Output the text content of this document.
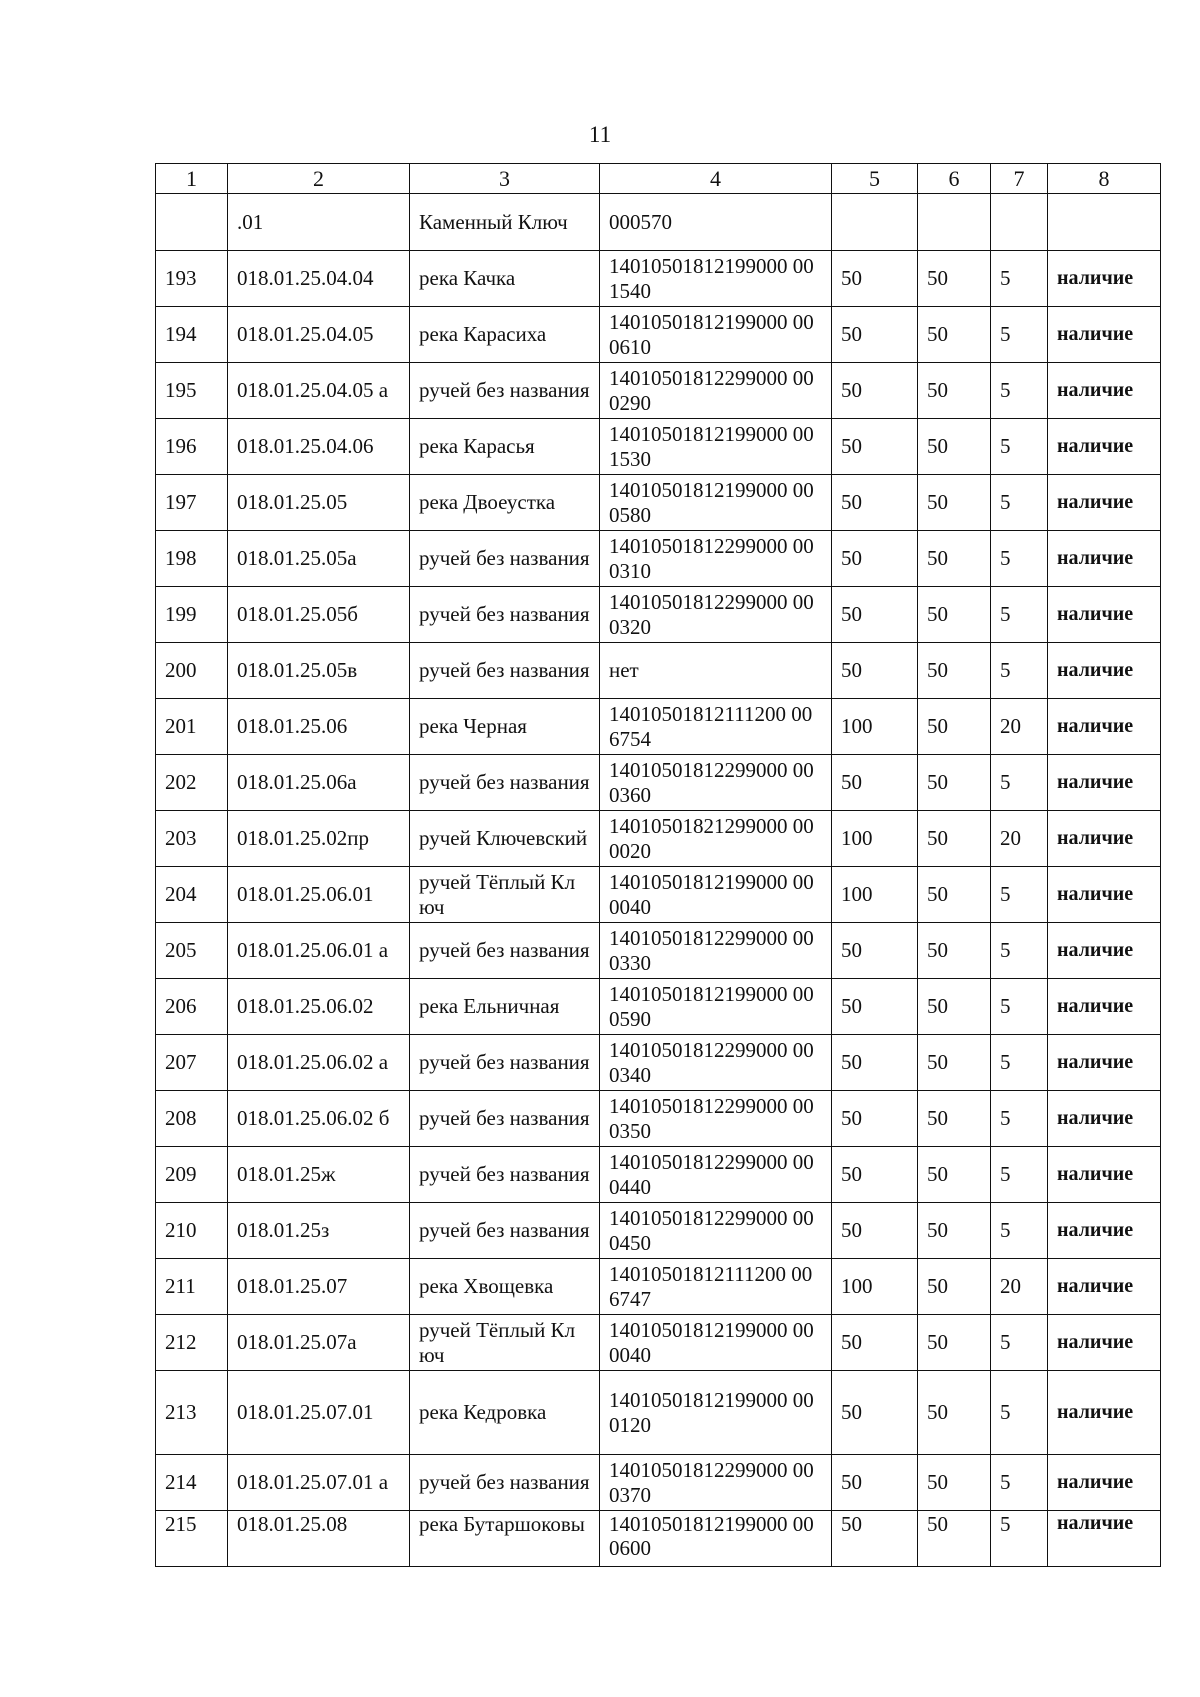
11
1	2	3	4	5	6	7	8
	.01	Каменный Ключ	000570				
193	018.01.25.04.04	река Качка	14010501812199000 001540	50	50	5	наличие
194	018.01.25.04.05	река Карасиха	14010501812199000 000610	50	50	5	наличие
195	018.01.25.04.05 а	ручей без названия	14010501812299000 000290	50	50	5	наличие
196	018.01.25.04.06	река Карасья	14010501812199000 001530	50	50	5	наличие
197	018.01.25.05	река Двоеустка	14010501812199000 000580	50	50	5	наличие
198	018.01.25.05а	ручей без названия	14010501812299000 000310	50	50	5	наличие
199	018.01.25.05б	ручей без названия	14010501812299000 000320	50	50	5	наличие
200	018.01.25.05в	ручей без названия	нет	50	50	5	наличие
201	018.01.25.06	река Черная	14010501812111200 006754	100	50	20	наличие
202	018.01.25.06а	ручей без названия	14010501812299000 000360	50	50	5	наличие
203	018.01.25.02пр	ручей Ключевский	14010501821299000 000020	100	50	20	наличие
204	018.01.25.06.01	ручей Тёплый Ключ	14010501812199000 000040	100	50	5	наличие
205	018.01.25.06.01 а	ручей без названия	14010501812299000 000330	50	50	5	наличие
206	018.01.25.06.02	река Ельничная	14010501812199000 000590	50	50	5	наличие
207	018.01.25.06.02 а	ручей без названия	14010501812299000 000340	50	50	5	наличие
208	018.01.25.06.02 б	ручей без названия	14010501812299000 000350	50	50	5	наличие
209	018.01.25ж	ручей без названия	14010501812299000 000440	50	50	5	наличие
210	018.01.25з	ручей без названия	14010501812299000 000450	50	50	5	наличие
211	018.01.25.07	река Хвощевка	14010501812111200 006747	100	50	20	наличие
212	018.01.25.07а	ручей Тёплый Ключ	14010501812199000 000040	50	50	5	наличие
213	018.01.25.07.01	река Кедровка	14010501812199000 000120	50	50	5	наличие
214	018.01.25.07.01 а	ручей без названия	14010501812299000 000370	50	50	5	наличие
215	018.01.25.08	река Бутаршоковы	14010501812199000 000600	50	50	5	наличие
